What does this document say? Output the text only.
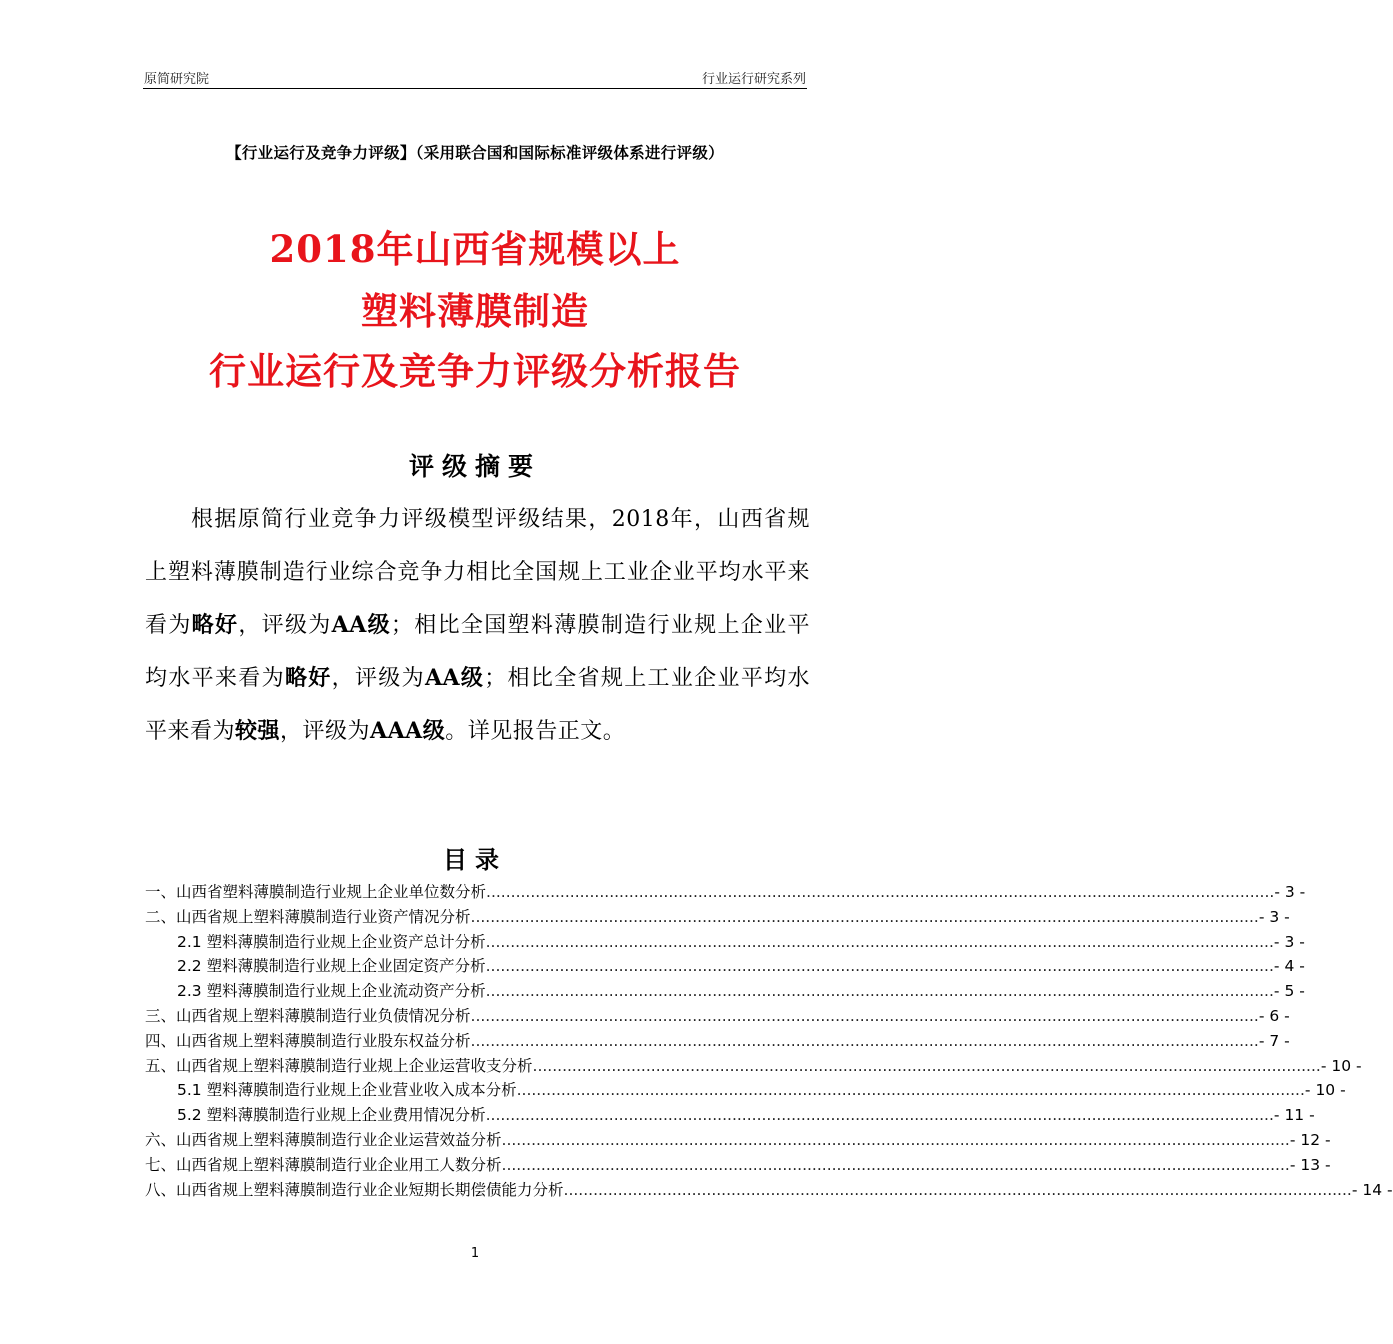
原简研究院	行业运行研究系列
【行业运行及竞争力评级】（采用联合国和国际标准评级体系进行评级）
2018年山西省规模以上
塑料薄膜制造
行业运行及竞争力评级分析报告
评级摘要

根据原简行业竞争力评级模型评级结果，2018年，山西省规上塑料薄膜制造行业综合竞争力相比全国规上工业企业平均水平来看为略好，评级为AA级；相比全国塑料薄膜制造行业规上企业平均水平来看为略好，评级为AA级；相比全省规上工业企业平均水平来看为较强，评级为AAA级。详见报告正文。

目录
一、山西省塑料薄膜制造行业规上企业单位数分析 ................................................................................................................................................................ - 3 -
二、山西省规上塑料薄膜制造行业资产情况分析 ................................................................................................................................................................ - 3 -
2.1 塑料薄膜制造行业规上企业资产总计分析 ................................................................................................................................................................ - 3 -
2.2 塑料薄膜制造行业规上企业固定资产分析 ................................................................................................................................................................ - 4 -
2.3 塑料薄膜制造行业规上企业流动资产分析 ................................................................................................................................................................ - 5 -
三、山西省规上塑料薄膜制造行业负债情况分析 ................................................................................................................................................................ - 6 -
四、山西省规上塑料薄膜制造行业股东权益分析 ................................................................................................................................................................ - 7 -
五、山西省规上塑料薄膜制造行业规上企业运营收支分析 ................................................................................................................................................................ - 10 -
5.1 塑料薄膜制造行业规上企业营业收入成本分析 ................................................................................................................................................................ - 10 -
5.2 塑料薄膜制造行业规上企业费用情况分析 ................................................................................................................................................................ - 11 -
六、山西省规上塑料薄膜制造行业企业运营效益分析 ................................................................................................................................................................ - 12 -
七、山西省规上塑料薄膜制造行业企业用工人数分析 ................................................................................................................................................................ - 13 -
八、山西省规上塑料薄膜制造行业企业短期长期偿债能力分析 ................................................................................................................................................................ - 14 -
1
